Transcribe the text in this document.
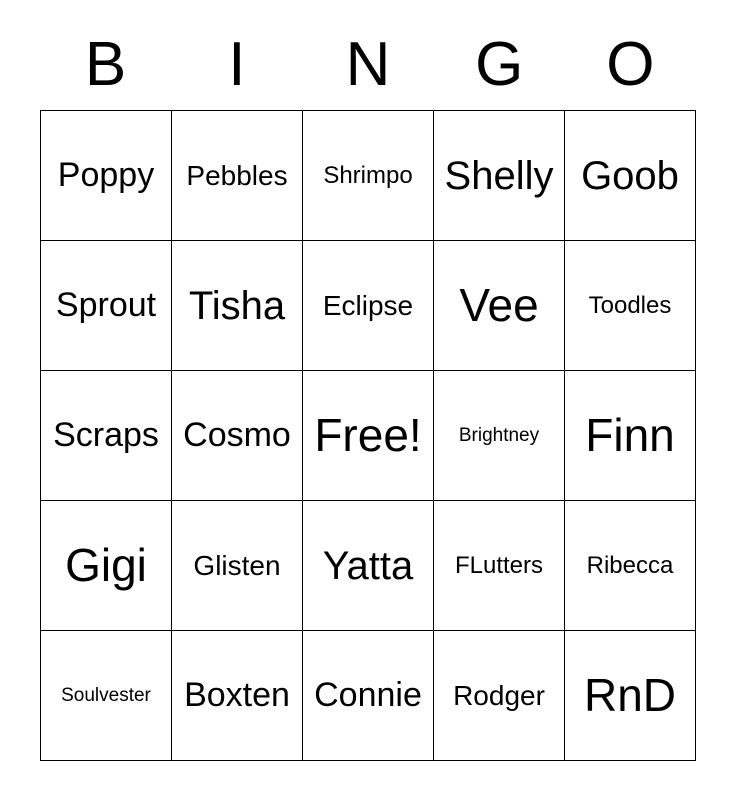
B	I	N	G	O
Poppy	Pebbles	Shrimpo	Shelly	Goob
Sprout	Tisha	Eclipse	Vee	Toodles
Scraps	Cosmo	Free!	Brightney	Finn
Gigi	Glisten	Yatta	FLutters	Ribecca
Soulvester	Boxten	Connie	Rodger	RnD
